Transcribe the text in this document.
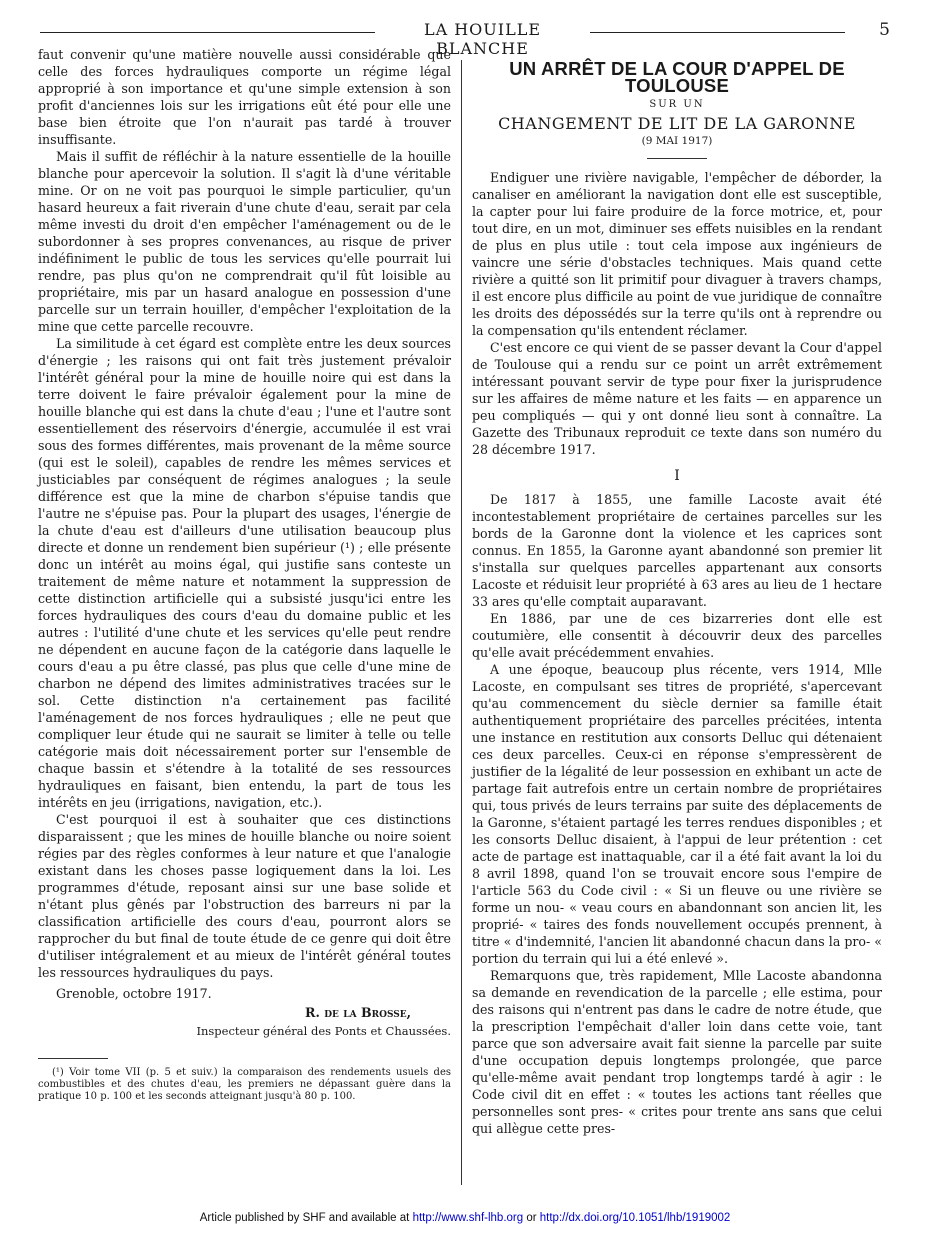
LA HOUILLE BLANCHE
5

faut convenir qu'une matière nouvelle aussi considérable que celle des forces hydrauliques comporte un régime légal approprié à son importance et qu'une simple extension à son profit d'anciennes lois sur les irrigations eût été pour elle une base bien étroite que l'on n'aurait pas tardé à trouver insuffisante.

Mais il suffit de réfléchir à la nature essentielle de la houille blanche pour apercevoir la solution. Il s'agit là d'une véritable mine. Or on ne voit pas pourquoi le simple particulier, qu'un hasard heureux a fait riverain d'une chute d'eau, serait par cela même investi du droit d'en empêcher l'aménagement ou de le subordonner à ses propres convenances, au risque de priver indéfiniment le public de tous les services qu'elle pourrait lui rendre, pas plus qu'on ne comprendrait qu'il fût loisible au propriétaire, mis par un hasard analogue en possession d'une parcelle sur un terrain houiller, d'empêcher l'exploitation de la mine que cette parcelle recouvre.

La similitude à cet égard est complète entre les deux sources d'énergie ; les raisons qui ont fait très justement prévaloir l'intérêt général pour la mine de houille noire qui est dans la terre doivent le faire prévaloir également pour la mine de houille blanche qui est dans la chute d'eau ; l'une et l'autre sont essentiellement des réservoirs d'énergie, accumulée il est vrai sous des formes différentes, mais provenant de la même source (qui est le soleil), capables de rendre les mêmes services et justiciables par conséquent de régimes analogues ; la seule différence est que la mine de charbon s'épuise tandis que l'autre ne s'épuise pas. Pour la plupart des usages, l'énergie de la chute d'eau est d'ailleurs d'une utilisation beaucoup plus directe et donne un rendement bien supérieur (¹) ; elle présente donc un intérêt au moins égal, qui justifie sans conteste un traitement de même nature et notamment la suppression de cette distinction artificielle qui a subsisté jusqu'ici entre les forces hydrauliques des cours d'eau du domaine public et les autres : l'utilité d'une chute et les services qu'elle peut rendre ne dépendent en aucune façon de la catégorie dans laquelle le cours d'eau a pu être classé, pas plus que celle d'une mine de charbon ne dépend des limites administratives tracées sur le sol. Cette distinction n'a certainement pas facilité l'aménagement de nos forces hydrauliques ; elle ne peut que compliquer leur étude qui ne saurait se limiter à telle ou telle catégorie mais doit nécessairement porter sur l'ensemble de chaque bassin et s'étendre à la totalité de ses ressources hydrauliques en faisant, bien entendu, la part de tous les intérêts en jeu (irrigations, navigation, etc.).

C'est pourquoi il est à souhaiter que ces distinctions disparaissent ; que les mines de houille blanche ou noire soient régies par des règles conformes à leur nature et que l'analogie existant dans les choses passe logiquement dans la loi. Les programmes d'étude, reposant ainsi sur une base solide et n'étant plus gênés par l'obstruction des barreurs ni par la classification artificielle des cours d'eau, pourront alors se rapprocher du but final de toute étude de ce genre qui doit être d'utiliser intégralement et au mieux de l'intérêt général toutes les ressources hydrauliques du pays.

Grenoble, octobre 1917.

R. de la Brosse,
Inspecteur général des Ponts et Chaussées.

(¹) Voir tome VII (p. 5 et suiv.) la comparaison des rendements usuels des combustibles et des chutes d'eau, les premiers ne dépassant guère dans la pratique 10 p. 100 et les seconds atteignant jusqu'à 80 p. 100.

UN ARRÊT DE LA COUR D'APPEL DE TOULOUSE
SUR UN
CHANGEMENT DE LIT DE LA GARONNE
(9 MAI 1917)

Endiguer une rivière navigable, l'empêcher de déborder, la canaliser en améliorant la navigation dont elle est susceptible, la capter pour lui faire produire de la force motrice, et, pour tout dire, en un mot, diminuer ses effets nuisibles en la rendant de plus en plus utile : tout cela impose aux ingénieurs de vaincre une série d'obstacles techniques. Mais quand cette rivière a quitté son lit primitif pour divaguer à travers champs, il est encore plus difficile au point de vue juridique de connaître les droits des dépossédés sur la terre qu'ils ont à reprendre ou la compensation qu'ils entendent réclamer.

C'est encore ce qui vient de se passer devant la Cour d'appel de Toulouse qui a rendu sur ce point un arrêt extrêmement intéressant pouvant servir de type pour fixer la jurisprudence sur les affaires de même nature et les faits — en apparence un peu compliqués — qui y ont donné lieu sont à connaître. La Gazette des Tribunaux reproduit ce texte dans son numéro du 28 décembre 1917.

I

De 1817 à 1855, une famille Lacoste avait été incontestablement propriétaire de certaines parcelles sur les bords de la Garonne dont la violence et les caprices sont connus. En 1855, la Garonne ayant abandonné son premier lit s'installa sur quelques parcelles appartenant aux consorts Lacoste et réduisit leur propriété à 63 ares au lieu de 1 hectare 33 ares qu'elle comptait auparavant.

En 1886, par une de ces bizarreries dont elle est coutumière, elle consentit à découvrir deux des parcelles qu'elle avait précédemment envahies.

A une époque, beaucoup plus récente, vers 1914, Mlle Lacoste, en compulsant ses titres de propriété, s'apercevant qu'au commencement du siècle dernier sa famille était authentiquement propriétaire des parcelles précitées, intenta une instance en restitution aux consorts Delluc qui détenaient ces deux parcelles. Ceux-ci en réponse s'empressèrent de justifier de la légalité de leur possession en exhibant un acte de partage fait autrefois entre un certain nombre de propriétaires qui, tous privés de leurs terrains par suite des déplacements de la Garonne, s'étaient partagé les terres rendues disponibles ; et les consorts Delluc disaient, à l'appui de leur prétention : cet acte de partage est inattaquable, car il a été fait avant la loi du 8 avril 1898, quand l'on se trouvait encore sous l'empire de l'article 563 du Code civil : « Si un fleuve ou une rivière se forme un nou- « veau cours en abandonnant son ancien lit, les proprié- « taires des fonds nouvellement occupés prennent, à titre « d'indemnité, l'ancien lit abandonné chacun dans la pro- « portion du terrain qui lui a été enlevé ».

Remarquons que, très rapidement, Mlle Lacoste abandonna sa demande en revendication de la parcelle ; elle estima, pour des raisons qui n'entrent pas dans le cadre de notre étude, que la prescription l'empêchait d'aller loin dans cette voie, tant parce que son adversaire avait fait sienne la parcelle par suite d'une occupation depuis longtemps prolongée, que parce qu'elle-même avait pendant trop longtemps tardé à agir : le Code civil dit en effet : « toutes les actions tant réelles que personnelles sont pres- « crites pour trente ans sans que celui qui allègue cette pres-

Article published by SHF and available at http://www.shf-lhb.org or http://dx.doi.org/10.1051/lhb/1919002
